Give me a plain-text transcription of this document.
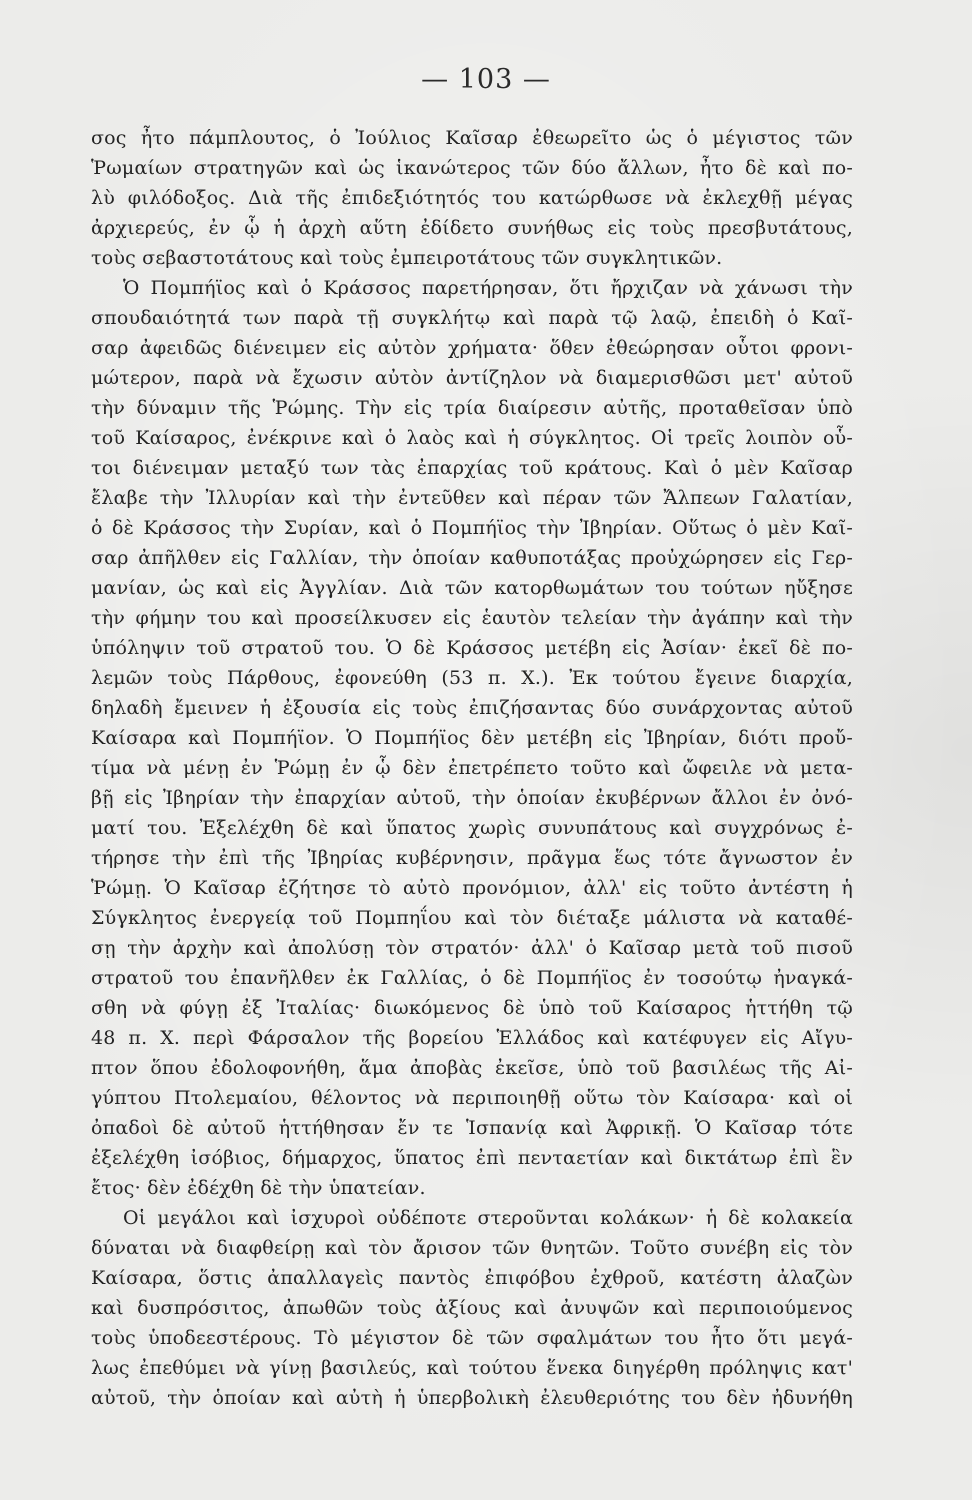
— 103 —
σος ἦτο πάμπλουτος, ὁ Ἰούλιος Καῖσαρ ἐθεωρεῖτο ὡς ὁ μέγιστος τῶν
Ῥωμαίων στρατηγῶν καὶ ὡς ἱκανώτερος τῶν δύο ἄλλων, ἦτο δὲ καὶ πο-
λὺ φιλόδοξος. Διὰ τῆς ἐπιδεξιότητός του κατώρθωσε νὰ ἐκλεχθῇ μέγας
ἀρχιερεύς, ἐν ᾧ ἡ ἀρχὴ αὕτη ἐδίδετο συνήθως εἰς τοὺς πρεσβυτάτους,
τοὺς σεβαστοτάτους καὶ τοὺς ἐμπειροτάτους τῶν συγκλητικῶν.
Ὁ Πομπήϊος καὶ ὁ Κράσσος παρετήρησαν, ὅτι ἤρχιζαν νὰ χάνωσι τὴν
σπουδαιότητά των παρὰ τῇ συγκλήτῳ καὶ παρὰ τῷ λαῷ, ἐπειδὴ ὁ Καῖ-
σαρ ἀφειδῶς διένειμεν εἰς αὐτὸν χρήματα· ὅθεν ἐθεώρησαν οὗτοι φρονι-
μώτερον, παρὰ νὰ ἔχωσιν αὐτὸν ἀντίζηλον νὰ διαμερισθῶσι μετ' αὐτοῦ
τὴν δύναμιν τῆς Ῥώμης. Τὴν εἰς τρία διαίρεσιν αὐτῆς, προταθεῖσαν ὑπὸ
τοῦ Καίσαρος, ἐνέκρινε καὶ ὁ λαὸς καὶ ἡ σύγκλητος. Οἱ τρεῖς λοιπὸν οὗ-
τοι διένειμαν μεταξύ των τὰς ἐπαρχίας τοῦ κράτους. Καὶ ὁ μὲν Καῖσαρ
ἔλαβε τὴν Ἰλλυρίαν καὶ τὴν ἐντεῦθεν καὶ πέραν τῶν Ἄλπεων Γαλατίαν,
ὁ δὲ Κράσσος τὴν Συρίαν, καὶ ὁ Πομπήϊος τὴν Ἰβηρίαν. Οὕτως ὁ μὲν Καῖ-
σαρ ἀπῆλθεν εἰς Γαλλίαν, τὴν ὁποίαν καθυποτάξας προὐχώρησεν εἰς Γερ-
μανίαν, ὡς καὶ εἰς Ἀγγλίαν. Διὰ τῶν κατορθωμάτων του τούτων ηὔξησε
τὴν φήμην του καὶ προσείλκυσεν εἰς ἑαυτὸν τελείαν τὴν ἀγάπην καὶ τὴν
ὑπόληψιν τοῦ στρατοῦ του. Ὁ δὲ Κράσσος μετέβη εἰς Ἀσίαν· ἐκεῖ δὲ πο-
λεμῶν τοὺς Πάρθους, ἐφονεύθη (53 π. Χ.). Ἐκ τούτου ἔγεινε διαρχία,
δηλαδὴ ἔμεινεν ἡ ἐξουσία εἰς τοὺς ἐπιζήσαντας δύο συνάρχοντας αὐτοῦ
Καίσαρα καὶ Πομπήϊον. Ὁ Πομπήϊος δὲν μετέβη εἰς Ἰβηρίαν, διότι προὔ-
τίμα νὰ μένῃ ἐν Ῥώμῃ ἐν ᾧ δὲν ἐπετρέπετο τοῦτο καὶ ὤφειλε νὰ μετα-
βῇ εἰς Ἰβηρίαν τὴν ἐπαρχίαν αὐτοῦ, τὴν ὁποίαν ἐκυβέρνων ἄλλοι ἐν ὀνό-
ματί του. Ἐξελέχθη δὲ καὶ ὕπατος χωρὶς συνυπάτους καὶ συγχρόνως ἐ-
τήρησε τὴν ἐπὶ τῆς Ἰβηρίας κυβέρνησιν, πρᾶγμα ἕως τότε ἄγνωστον ἐν
Ῥώμῃ. Ὁ Καῖσαρ ἐζήτησε τὸ αὐτὸ προνόμιον, ἀλλ' εἰς τοῦτο ἀντέστη ἡ
Σύγκλητος ἐνεργείᾳ τοῦ Πομπηΐου καὶ τὸν διέταξε μάλιστα νὰ καταθέ-
σῃ τὴν ἀρχὴν καὶ ἀπολύσῃ τὸν στρατόν· ἀλλ' ὁ Καῖσαρ μετὰ τοῦ πισοῦ
στρατοῦ του ἐπανῆλθεν ἐκ Γαλλίας, ὁ δὲ Πομπήϊος ἐν τοσούτῳ ἠναγκά-
σθη νὰ φύγῃ ἐξ Ἰταλίας· διωκόμενος δὲ ὑπὸ τοῦ Καίσαρος ἡττήθη τῷ
48 π. Χ. περὶ Φάρσαλον τῆς βορείου Ἑλλάδος καὶ κατέφυγεν εἰς Αἴγυ-
πτον ὅπου ἐδολοφονήθη, ἅμα ἀποβὰς ἐκεῖσε, ὑπὸ τοῦ βασιλέως τῆς Αἰ-
γύπτου Πτολεμαίου, θέλοντος νὰ περιποιηθῇ οὕτω τὸν Καίσαρα· καὶ οἱ
ὀπαδοὶ δὲ αὐτοῦ ἡττήθησαν ἔν τε Ἱσπανίᾳ καὶ Ἀφρικῇ. Ὁ Καῖσαρ τότε
ἐξελέχθη ἰσόβιος, δήμαρχος, ὕπατος ἐπὶ πενταετίαν καὶ δικτάτωρ ἐπὶ ἓν
ἔτος· δὲν ἐδέχθη δὲ τὴν ὑπατείαν.
Οἱ μεγάλοι καὶ ἰσχυροὶ οὐδέποτε στεροῦνται κολάκων· ἡ δὲ κολακεία
δύναται νὰ διαφθείρῃ καὶ τὸν ἄρισον τῶν θνητῶν. Τοῦτο συνέβη εἰς τὸν
Καίσαρα, ὅστις ἀπαλλαγεὶς παντὸς ἐπιφόβου ἐχθροῦ, κατέστη ἀλαζὼν
καὶ δυσπρόσιτος, ἀπωθῶν τοὺς ἀξίους καὶ ἀνυψῶν καὶ περιποιούμενος
τοὺς ὑποδεεστέρους. Τὸ μέγιστον δὲ τῶν σφαλμάτων του ἦτο ὅτι μεγά-
λως ἐπεθύμει νὰ γίνῃ βασιλεύς, καὶ τούτου ἕνεκα διηγέρθη πρόληψις κατ'
αὐτοῦ, τὴν ὁποίαν καὶ αὐτὴ ἡ ὑπερβολικὴ ἐλευθεριότης του δὲν ἠδυνήθη
